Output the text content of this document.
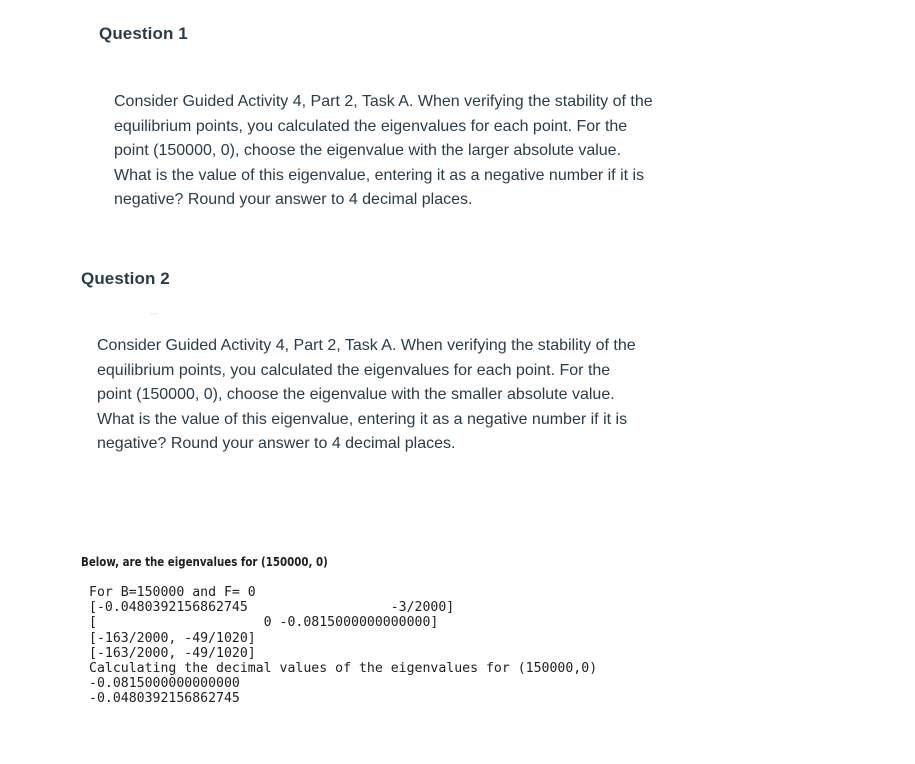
Question 1

Consider Guided Activity 4, Part 2, Task A. When verifying the stability of the
equilibrium points, you calculated the eigenvalues for each point. For the
point (150000, 0), choose the eigenvalue with the larger absolute value.
What is the value of this eigenvalue, entering it as a negative number if it is
negative? Round your answer to 4 decimal places.

Question 2

Consider Guided Activity 4, Part 2, Task A. When verifying the stability of the
equilibrium points, you calculated the eigenvalues for each point. For the
point (150000, 0), choose the eigenvalue with the smaller absolute value.
What is the value of this eigenvalue, entering it as a negative number if it is
negative? Round your answer to 4 decimal places.

Below, are the eigenvalues for (150000, 0)
For B=150000 and F= 0
[-0.0480392156862745                  -3/2000]
[                     0 -0.0815000000000000]
[-163/2000, -49/1020]
[-163/2000, -49/1020]
Calculating the decimal values of the eigenvalues for (150000,0)
-0.0815000000000000
-0.0480392156862745
